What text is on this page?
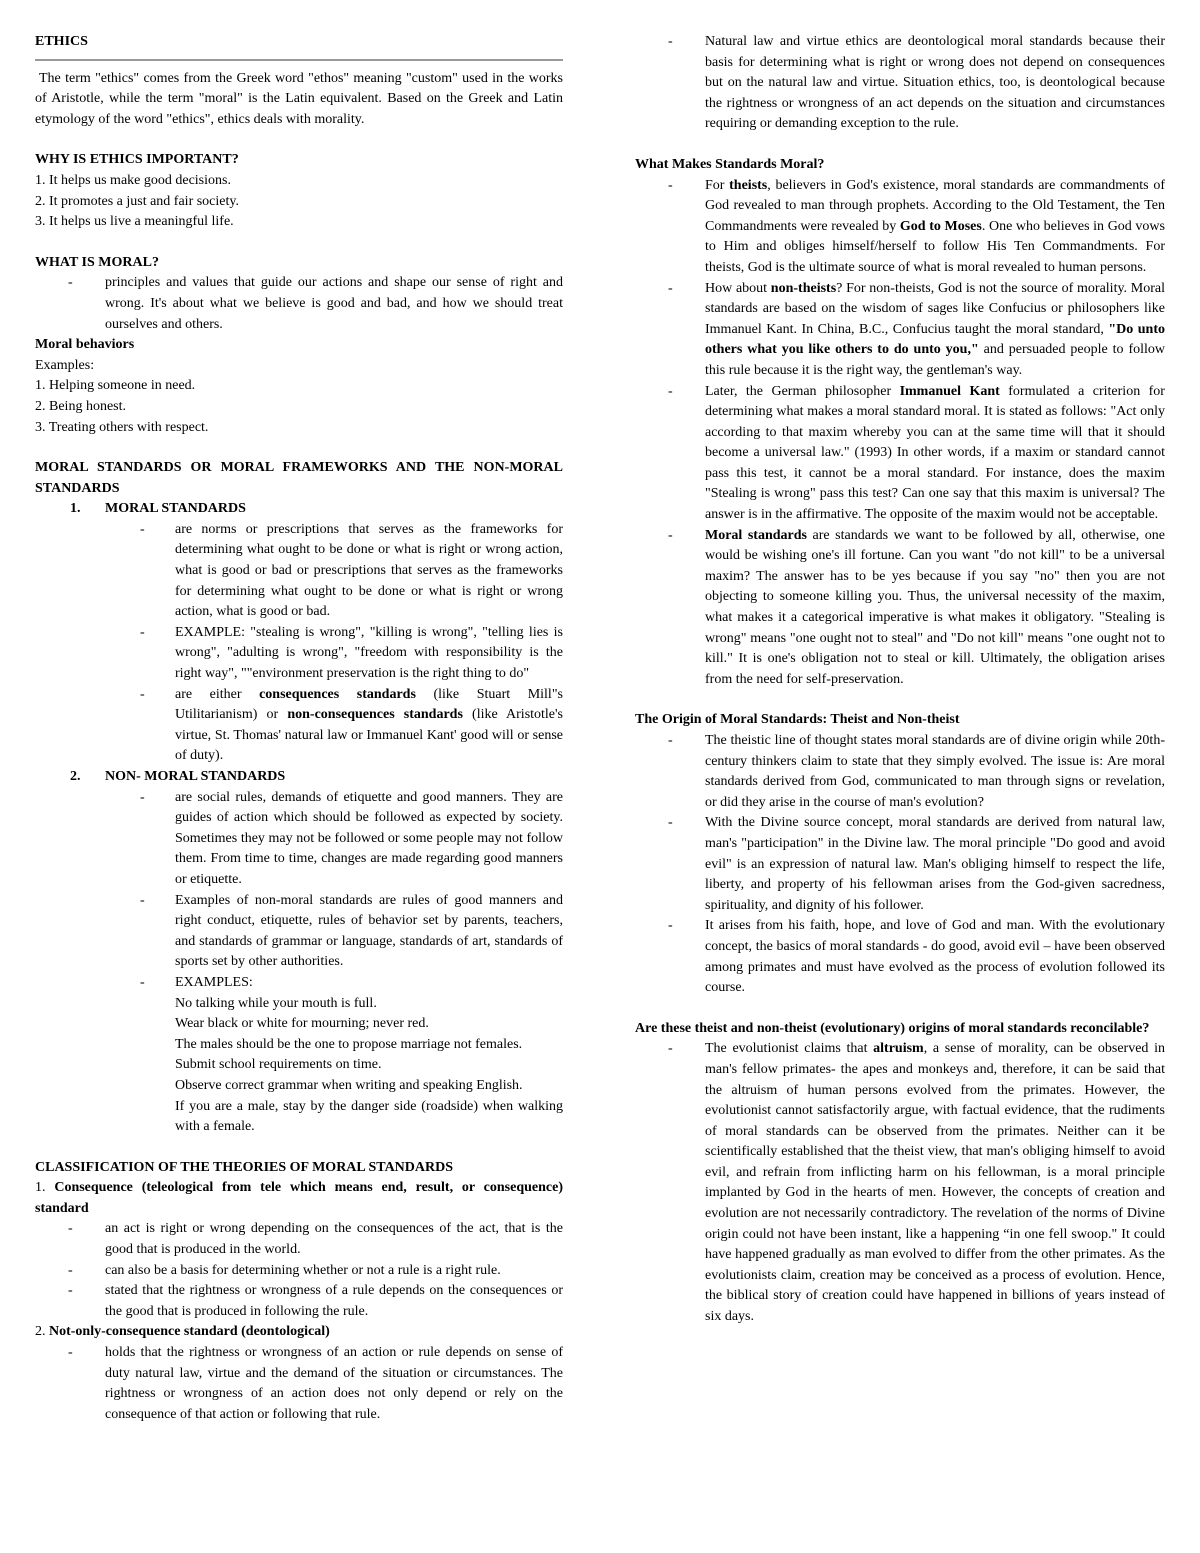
ETHICS

The term "ethics" comes from the Greek word "ethos" meaning "custom" used in the works of Aristotle, while the term "moral" is the Latin equivalent. Based on the Greek and Latin etymology of the word "ethics", ethics deals with morality.

WHY IS ETHICS IMPORTANT?
1. It helps us make good decisions.
2. It promotes a just and fair society.
3. It helps us live a meaningful life.
WHAT IS MORAL?
- principles and values that guide our actions and shape our sense of right and wrong. It's about what we believe is good and bad, and how we should treat ourselves and others.
Moral behaviors
Examples:
1. Helping someone in need.
2. Being honest.
3. Treating others with respect.
MORAL STANDARDS OR MORAL FRAMEWORKS AND THE NON-MORAL STANDARDS
1. MORAL STANDARDS
- are norms or prescriptions that serves as the frameworks for determining what ought to be done or what is right or wrong action, what is good or bad or prescriptions that serves as the frameworks for determining what ought to be done or what is right or wrong action, what is good or bad.
- EXAMPLE: "stealing is wrong", "killing is wrong", "telling lies is wrong", "adulting is wrong", "freedom with responsibility is the right way", ""environment preservation is the right thing to do"
- are either consequences standards (like Stuart Mill"s Utilitarianism) or non-consequences standards (like Aristotle's virtue, St. Thomas' natural law or Immanuel Kant' good will or sense of duty).
2. NON- MORAL STANDARDS
- are social rules, demands of etiquette and good manners. They are guides of action which should be followed as expected by society. Sometimes they may not be followed or some people may not follow them. From time to time, changes are made regarding good manners or etiquette.
- Examples of non-moral standards are rules of good manners and right conduct, etiquette, rules of behavior set by parents, teachers, and standards of grammar or language, standards of art, standards of sports set by other authorities.
- EXAMPLES:
No talking while your mouth is full.
Wear black or white for mourning; never red.
The males should be the one to propose marriage not females.
Submit school requirements on time.
Observe correct grammar when writing and speaking English.
If you are a male, stay by the danger side (roadside) when walking with a female.
CLASSIFICATION OF THE THEORIES OF MORAL STANDARDS
1. Consequence (teleological from tele which means end, result, or consequence) standard
- an act is right or wrong depending on the consequences of the act, that is the good that is produced in the world.
- can also be a basis for determining whether or not a rule is a right rule.
- stated that the rightness or wrongness of a rule depends on the consequences or the good that is produced in following the rule.
2. Not-only-consequence standard (deontological)
- holds that the rightness or wrongness of an action or rule depends on sense of duty natural law, virtue and the demand of the situation or circumstances. The rightness or wrongness of an action does not only depend or rely on the consequence of that action or following that rule.
- Natural law and virtue ethics are deontological moral standards because their basis for determining what is right or wrong does not depend on consequences but on the natural law and virtue. Situation ethics, too, is deontological because the rightness or wrongness of an act depends on the situation and circumstances requiring or demanding exception to the rule.
What Makes Standards Moral?
- For theists, believers in God's existence, moral standards are commandments of God revealed to man through prophets. According to the Old Testament, the Ten Commandments were revealed by God to Moses. One who believes in God vows to Him and obliges himself/herself to follow His Ten Commandments. For theists, God is the ultimate source of what is moral revealed to human persons.
- How about non-theists? For non-theists, God is not the source of morality. Moral standards are based on the wisdom of sages like Confucius or philosophers like Immanuel Kant. In China, B.C., Confucius taught the moral standard, "Do unto others what you like others to do unto you," and persuaded people to follow this rule because it is the right way, the gentleman's way.
- Later, the German philosopher Immanuel Kant formulated a criterion for determining what makes a moral standard moral. It is stated as follows: "Act only according to that maxim whereby you can at the same time will that it should become a universal law." (1993) In other words, if a maxim or standard cannot pass this test, it cannot be a moral standard. For instance, does the maxim "Stealing is wrong" pass this test? Can one say that this maxim is universal? The answer is in the affirmative. The opposite of the maxim would not be acceptable.
- Moral standards are standards we want to be followed by all, otherwise, one would be wishing one's ill fortune. Can you want "do not kill" to be a universal maxim? The answer has to be yes because if you say "no" then you are not objecting to someone killing you. Thus, the universal necessity of the maxim, what makes it a categorical imperative is what makes it obligatory. "Stealing is wrong" means "one ought not to steal" and "Do not kill" means "one ought not to kill." It is one's obligation not to steal or kill. Ultimately, the obligation arises from the need for self-preservation.
The Origin of Moral Standards: Theist and Non-theist
- The theistic line of thought states moral standards are of divine origin while 20th-century thinkers claim to state that they simply evolved. The issue is: Are moral standards derived from God, communicated to man through signs or revelation, or did they arise in the course of man's evolution?
- With the Divine source concept, moral standards are derived from natural law, man's "participation" in the Divine law. The moral principle "Do good and avoid evil" is an expression of natural law. Man's obliging himself to respect the life, liberty, and property of his fellowman arises from the God-given sacredness, spirituality, and dignity of his follower.
- It arises from his faith, hope, and love of God and man. With the evolutionary concept, the basics of moral standards - do good, avoid evil – have been observed among primates and must have evolved as the process of evolution followed its course.
Are these theist and non-theist (evolutionary) origins of moral standards reconcilable?
- The evolutionist claims that altruism, a sense of morality, can be observed in man's fellow primates- the apes and monkeys and, therefore, it can be said that the altruism of human persons evolved from the primates. However, the evolutionist cannot satisfactorily argue, with factual evidence, that the rudiments of moral standards can be observed from the primates. Neither can it be scientifically established that the theist view, that man's obliging himself to avoid evil, and refrain from inflicting harm on his fellowman, is a moral principle implanted by God in the hearts of men. However, the concepts of creation and evolution are not necessarily contradictory. The revelation of the norms of Divine origin could not have been instant, like a happening “in one fell swoop." It could have happened gradually as man evolved to differ from the other primates. As the evolutionists claim, creation may be conceived as a process of evolution. Hence, the biblical story of creation could have happened in billions of years instead of six days.
